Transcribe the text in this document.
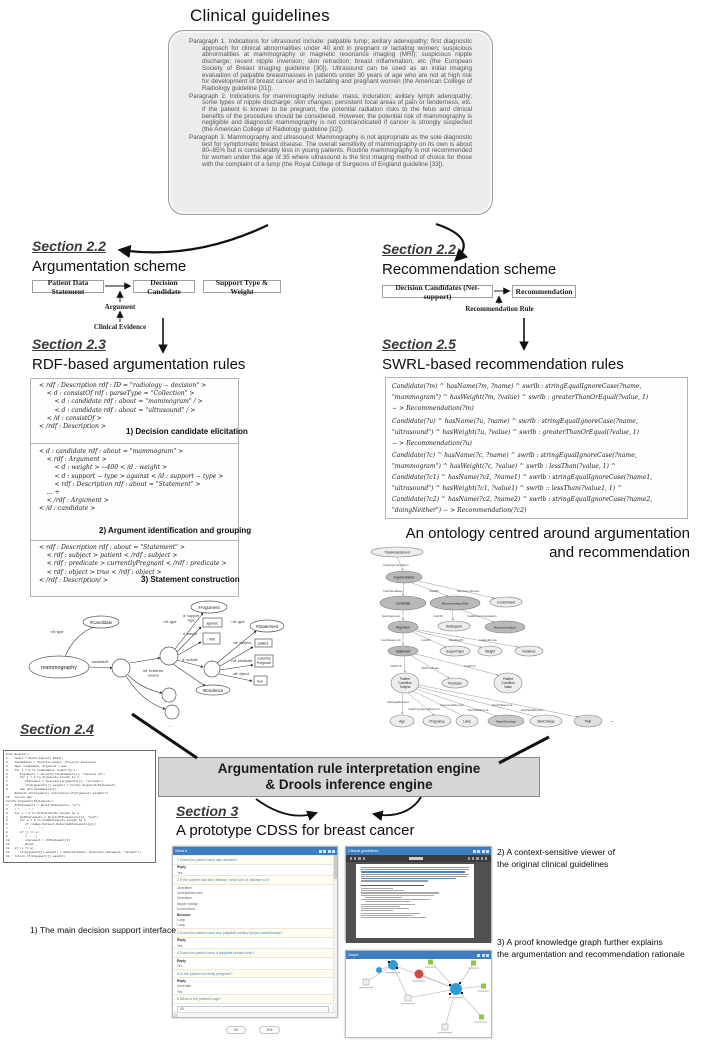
Clinical guidelines

Paragraph 1. Indications for ultrasound include: palpable lump; axillary adenopathy; first diagnostic approach for clinical abnormalities under 40 and in pregnant or lactating women; suspicious abnormalities at mammography or magnetic resonance imaging (MRI); suspicious nipple discharge; recent nipple inversion; skin retraction; breast inflammation, etc (the European Society of Breast Imaging guideline [30]). Ultrasound can be used as an initial imaging evaluation of palpable breastmasses in patients under 30 years of age who are not at high risk for development of breast cancer and in lactating and pregnant women (the American College of Radiology guideline [31]).

Paragraph 2. Indications for mammography include: mass; induration; axillary lymph adenopathy; some types of nipple discharge; skin changes; persistent focal areas of pain or tenderness, etc. If the patient is known to be pregnant, the potential radiation risks to the fetus and clinical benefits of the procedure should be considered. However, the potential risk of mammography is negligible and diagnostic mammography is not contraindicated if cancer is strongly suspected (the American College of Radiology guideline [32]).

Paragraph 3. Mammography and ultrasound: Mammography is not appropriate as the sole diagnostic test for symptomatic breast disease. The overall sensitivity of mammography on its own is about 80–85% but is considerably less in young patients. Routine mammography is not recommended for women under the age of 35 where ultrasound is the first imaging method of choice for those with the complaint of a lump (the Royal College of Surgeons of England guideline [33]).

Section 2.2
Argumentation scheme
Patient Data Statement
Decision Candidate
Support Type & Weight
Argument
Clinical Evidence
Section 2.2
Recommendation scheme
Decision Candidates (Net-support)	Recommendation
Recommendation Rule
Section 2.3
RDF-based argumentation rules
< rdf : Description rdf : ID = "radiology − decision" >
< d : consistOf rdf : parseType = "Collection" >
< d : candidate rdf : about = "mammogram" / >
< d : candidate rdf : about = "ultrasound" / >
< /d : consistOf >
< /rdf : Description >
1) Decision candidate elicitation
< d : candidate rdf : about = "mammogram" >
< rdf : Argument >
< d : weight > −400 < /d : weight >
< d : support − type > against < /d : support − type >
< rdf : Description rdf : about = "Statement" >
... +
< /rdf : Argument >
< /d : candidate >
2) Argument identification and grouping
< rdf : Description rdf : about = "Statement" >
< rdf : subject > patient < /rdf : subject >
< rdf : predicate > currentlyPregnant < /rdf : predicate >
< rdf : object > true < /rdf : object >
< /rdf : Description/ >	3) Statement construction
Section 2.5
SWRL-based recommendation rules
Candidate(?m) ^ hasName(?m, ?name) ^ swrlb : stringEqualIgnoreCase(?name,
"mammogram") ^ hasWeight(?m, ?value) ^ swrlb : greaterThanOrEqual(?value, 1)
− > Recommendation(?m)
Candidate(?u) ^ hasName(?u, ?name) ^ swrlb : stringEqualIgnoreCase(?name,
"ultrasound") ^ hasWeight(?u, ?value) ^ swrlb : greaterThanOrEqual(?value, 1)
− > Recommendation(?u)
Candidate(?c) ^ hasName(?c, ?name) ^ swrlb : stringEqualIgnoreCase(?name,
"mammogram") ^ hasWeight(?c, ?value) ^ swrlb : lessThan(?value, 1) ^
Candidate(?c1) ^ hasName(?c1, ?name1) ^ swrlb : stringEqualIgnoreCase(?name1,
"ultrasound") ^ hasWeight(?c1, ?value1) ^ swrlb :: lessThan(?value1, 1) ^
Candidate(?c2) ^ hasName(?c2, ?name2) ^ swrlb : stringEqualIgnoreCase(?name2,
"doingNeither") − > Recommendation(?c2)
An ontology centred around argumentation
and recommendation
hasArgumentation
hasCandidate	hasRR	hasCommitment
hasArgument	hasNS	hasRecommendation
hasStatement	hasST	hasWeight	hasEvidence
hasPCS	hasPredicate	hasPCV
hasAgeElement
hasPregnancyElement
hasLumpElement
hasNDElement
hasSCElement
hasPainElement
TripleAssessment
Argumentation
Candidate	RecommendationRule	Commitment
Argument	NetSupport	Recommendation
Statement	SupportType	Weight	Evidence
Patient
Condition
Subject
Predicate
Patient
Condition
Value
Age	Pregnancy	Lump	NippleDischarge	SkinChange	Pain	—
mammography
#Candidate
#Argument
#Statement
#Evidence
against
- 400
patient
currently
Pregnant
true
rdf: type
consistsOf
rdf: type
d: support
-type
d: weight
d: include
rdf: evidence
-source
rdf: type
rdf: subject
rdf: predicate
rdf: object
....
Section 2.4
Rule Engine():
1    model = Model.Factory.Read()
2    Candidates = Selector(model, Property.decision)
3    Map< Candidate, Argument > map
4    for i = 0 to Candidates.length by 1
5       Arguments = Selector(Candidates[i], "consist of")
6       for j = 0 to Arguments.length by 1
7          Statement = Selector(Arguments[j], "include")
8          if(Arguments[j].weight) = Verify.Argument(Statement)
9       map.put(Candidate[i])
Default.if(Argument).Calculated.if(Argument).weight(t)
10   return map
Verify.Argument(Statements):
1    OrStatements = Split(Statements, "or")
2    / * ... * /
3    for i = 0 to OrStatements.length by 1
4       AndStatements = Split(OrStatements[i], "and")
5       for a = 0 to AndStatements.length by 1
6          if (Judge.Patient.Data(AndStatements[a]))
7          / * ... * /
8       if (j == a)
9          { ... }
10         statement = OrStatement[k]
11         Break
12   if (s == a)
13      if(Argument[j].weight) = Add(statement, Selector(statement, "weight"))
14   return if(Argument[j].weight)
Argumentation rule interpretation engine
& Drools inference engine
Section 3
A prototype CDSS for breast cancer
Wizard
1 Does the patient have skin disease?
Reply
Yes
2 If the patient has skin disease, what sort of disease is it?
Ulceration
Unexplained rash
Ulceration
Nipple change
Eczematous
Because
Lump
Lump
3 Does the patient have any palpable axillary lymph nodes/lumps?
Reply
Yes
4 Does the patient have a palpable breast lump?
Reply
Yes
5 Is the patient currently pregnant?
Reply
Uncertain
Yes
6 What is the patient's age?
35
OK	Exit
Clinical guidelines
Graph
1) The main decision support interface
2) A context-sensitive viewer of
the original clinical guidelines
3) A proof knowledge graph further explains
the argumentation and recommendation rationale
